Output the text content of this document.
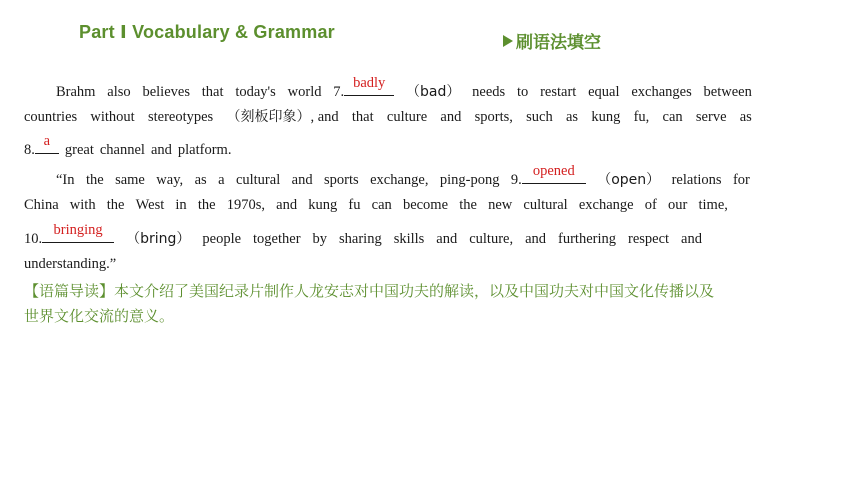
Part Ⅰ Vocabulary & Grammar
刷语法填空
Brahm also believes that today's world 7.
badly
（bad） needs to restart equal exchanges between
countries without stereotypes （刻板印象）, and that culture and sports, such as kung fu, can serve as
8.
a
great channel and platform.
“In the same way, as a cultural and sports exchange, ping-pong 9.
opened
（open） relations for
China with the West in the 1970s, and kung fu can become the new cultural exchange of our time,
10.
bringing
（bring） people together by sharing skills and culture, and furthering respect and
understanding.”
【语篇导读】本文介绍了美国纪录片制作人龙安志对中国功夫的解读，以及中国功夫对中国文化传播以及
世界文化交流的意义。
